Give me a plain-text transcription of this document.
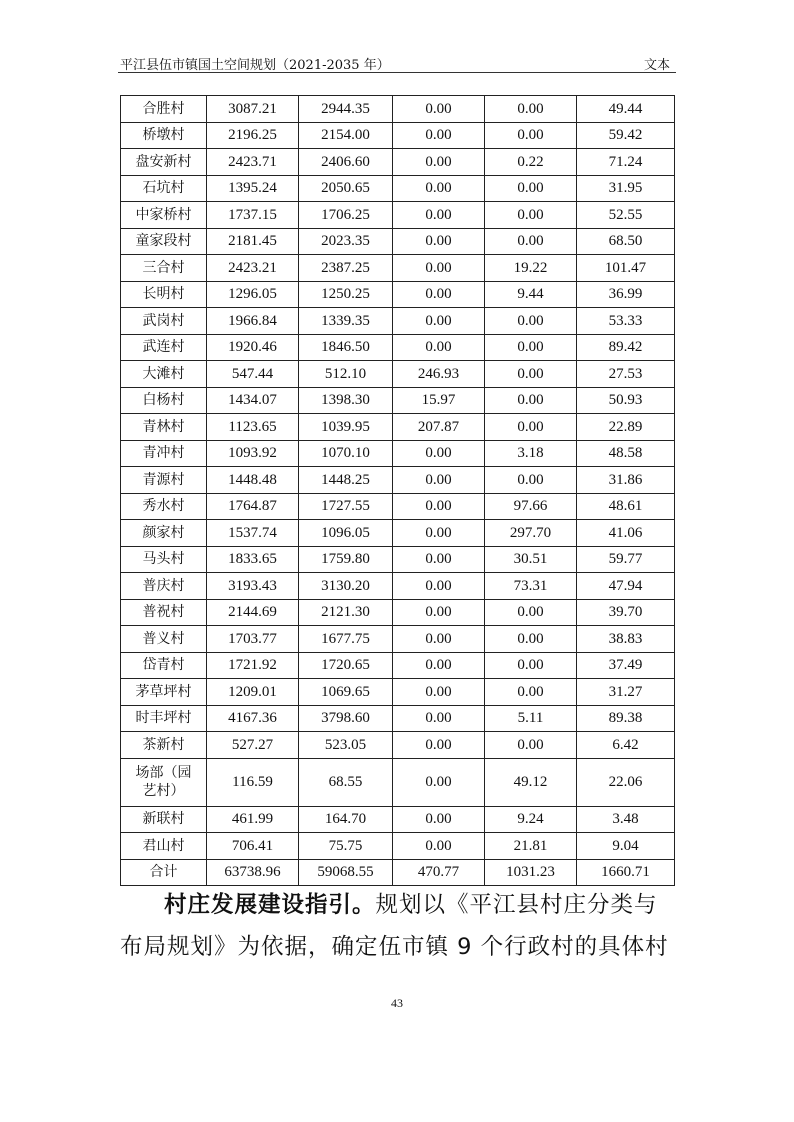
平江县伍市镇国土空间规划（2021-2035 年）	文本
合胜村	3087.21	2944.35	0.00	0.00	49.44
桥墩村	2196.25	2154.00	0.00	0.00	59.42
盘安新村	2423.71	2406.60	0.00	0.22	71.24
石坑村	1395.24	2050.65	0.00	0.00	31.95
中家桥村	1737.15	1706.25	0.00	0.00	52.55
童家段村	2181.45	2023.35	0.00	0.00	68.50
三合村	2423.21	2387.25	0.00	19.22	101.47
长明村	1296.05	1250.25	0.00	9.44	36.99
武岗村	1966.84	1339.35	0.00	0.00	53.33
武连村	1920.46	1846.50	0.00	0.00	89.42
大滩村	547.44	512.10	246.93	0.00	27.53
白杨村	1434.07	1398.30	15.97	0.00	50.93
青林村	1123.65	1039.95	207.87	0.00	22.89
青冲村	1093.92	1070.10	0.00	3.18	48.58
青源村	1448.48	1448.25	0.00	0.00	31.86
秀水村	1764.87	1727.55	0.00	97.66	48.61
颜家村	1537.74	1096.05	0.00	297.70	41.06
马头村	1833.65	1759.80	0.00	30.51	59.77
普庆村	3193.43	3130.20	0.00	73.31	47.94
普祝村	2144.69	2121.30	0.00	0.00	39.70
普义村	1703.77	1677.75	0.00	0.00	38.83
岱青村	1721.92	1720.65	0.00	0.00	37.49
茅草坪村	1209.01	1069.65	0.00	0.00	31.27
时丰坪村	4167.36	3798.60	0.00	5.11	89.38
茶新村	527.27	523.05	0.00	0.00	6.42

场部（园
艺村）	116.59	68.55	0.00	49.12	22.06
新联村	461.99	164.70	0.00	9.24	3.48
君山村	706.41	75.75	0.00	21.81	9.04
合计	63738.96	59068.55	470.77	1031.23	1660.71
村庄发展建设指引。规划以《平江县村庄分类与
布局规划》为依据，确定伍市镇 9 个行政村的具体村
43
